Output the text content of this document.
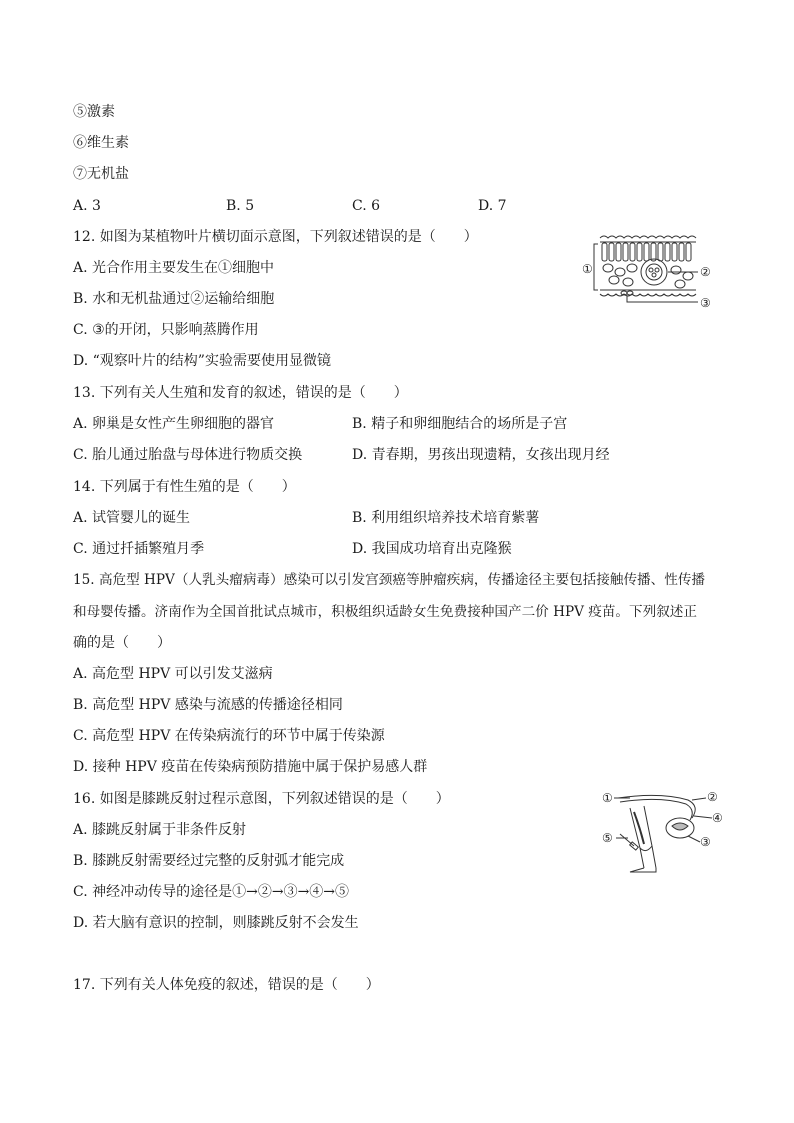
⑤激素
⑥维生素
⑦无机盐
A. 3	B. 5	C. 6	D. 7
12. 如图为某植物叶片横切面示意图，下列叙述错误的是（　　）
A. 光合作用主要发生在①细胞中
B. 水和无机盐通过②运输给细胞
C. ③的开闭，只影响蒸腾作用
D. “观察叶片的结构”实验需要使用显微镜
①	②
③
13. 下列有关人生殖和发育的叙述，错误的是（　　）
A. 卵巢是女性产生卵细胞的器官	B. 精子和卵细胞结合的场所是子宫
C. 胎儿通过胎盘与母体进行物质交换	D. 青春期，男孩出现遗精，女孩出现月经
14. 下列属于有性生殖的是（　　）
A. 试管婴儿的诞生	B. 利用组织培养技术培育紫薯
C. 通过扦插繁殖月季	D. 我国成功培育出克隆猴
15. 高危型 HPV（人乳头瘤病毒）感染可以引发宫颈癌等肿瘤疾病，传播途径主要包括接触传播、性传播
和母婴传播。济南作为全国首批试点城市，积极组织适龄女生免费接种国产二价 HPV 疫苗。下列叙述正
确的是（　　）
A. 高危型 HPV 可以引发艾滋病
B. 高危型 HPV 感染与流感的传播途径相同
C. 高危型 HPV 在传染病流行的环节中属于传染源
D. 接种 HPV 疫苗在传染病预防措施中属于保护易感人群
16. 如图是膝跳反射过程示意图，下列叙述错误的是（　　）
A. 膝跳反射属于非条件反射
B. 膝跳反射需要经过完整的反射弧才能完成
C. 神经冲动传导的途径是①→②→③→④→⑤
D. 若大脑有意识的控制，则膝跳反射不会发生
①	②
④
⑤	③
17. 下列有关人体免疫的叙述，错误的是（　　）
